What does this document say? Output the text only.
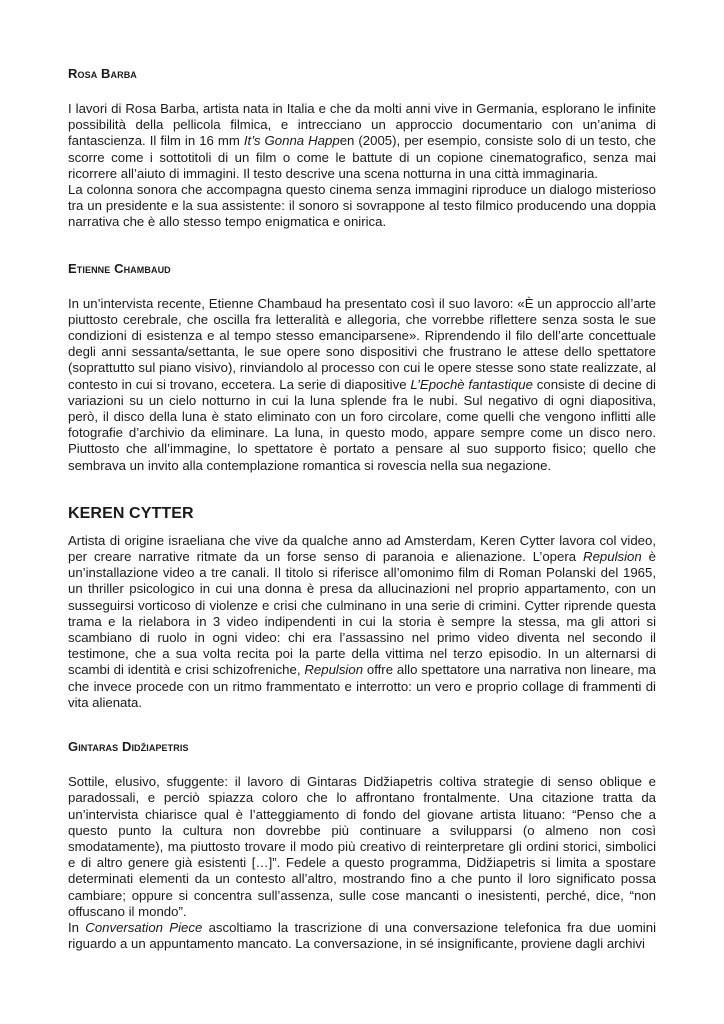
Rosa Barba

I lavori di Rosa Barba, artista nata in Italia e che da molti anni vive in Germania, esplorano le infinite possibilità della pellicola filmica, e intrecciano un approccio documentario con un’anima di fantascienza. Il film in 16 mm It’s Gonna Happen (2005), per esempio, consiste solo di un testo, che scorre come i sottotitoli di un film o come le battute di un copione cinematografico, senza mai ricorrere all’aiuto di immagini. Il testo descrive una scena notturna in una città immaginaria.

La colonna sonora che accompagna questo cinema senza immagini riproduce un dialogo misterioso tra un presidente e la sua assistente: il sonoro si sovrappone al testo filmico producendo una doppia narrativa che è allo stesso tempo enigmatica e onirica.

Etienne Chambaud

In un’intervista recente, Etienne Chambaud ha presentato così il suo lavoro: «È un approccio all’arte piuttosto cerebrale, che oscilla fra letteralità e allegoria, che vorrebbe riflettere senza sosta le sue condizioni di esistenza e al tempo stesso emanciparsene». Riprendendo il filo dell’arte concettuale degli anni sessanta/settanta, le sue opere sono dispositivi che frustrano le attese dello spettatore (soprattutto sul piano visivo), rinviandolo al processo con cui le opere stesse sono state realizzate, al contesto in cui si trovano, eccetera. La serie di diapositive L’Epochè fantastique consiste di decine di variazioni su un cielo notturno in cui la luna splende fra le nubi. Sul negativo di ogni diapositiva, però, il disco della luna è stato eliminato con un foro circolare, come quelli che vengono inflitti alle fotografie d’archivio da eliminare. La luna, in questo modo, appare sempre come un disco nero. Piuttosto che all’immagine, lo spettatore è portato a pensare al suo supporto fisico; quello che sembrava un invito alla contemplazione romantica si rovescia nella sua negazione.

KEREN CYTTER

Artista di origine israeliana che vive da qualche anno ad Amsterdam, Keren Cytter lavora col video, per creare narrative ritmate da un forse senso di paranoia e alienazione. L’opera Repulsion è un’installazione video a tre canali. Il titolo si riferisce all’omonimo film di Roman Polanski del 1965, un thriller psicologico in cui una donna è presa da allucinazioni nel proprio appartamento, con un susseguirsi vorticoso di violenze e crisi che culminano in una serie di crimini. Cytter riprende questa trama e la rielabora in 3 video indipendenti in cui la storia è sempre la stessa, ma gli attori si scambiano di ruolo in ogni video: chi era l’assassino nel primo video diventa nel secondo il testimone, che a sua volta recita poi la parte della vittima nel terzo episodio. In un alternarsi di scambi di identità e crisi schizofreniche, Repulsion offre allo spettatore una narrativa non lineare, ma che invece procede con un ritmo frammentato e interrotto: un vero e proprio collage di frammenti di vita alienata.

Gintaras Didžiapetris

Sottile, elusivo, sfuggente: il lavoro di Gintaras Didžiapetris coltiva strategie di senso oblique e paradossali, e perciò spiazza coloro che lo affrontano frontalmente. Una citazione tratta da un’intervista chiarisce qual è l’atteggiamento di fondo del giovane artista lituano: “Penso che a questo punto la cultura non dovrebbe più continuare a svilupparsi (o almeno non così smodatamente), ma piuttosto trovare il modo più creativo di reinterpretare gli ordini storici, simbolici e di altro genere già esistenti […]”. Fedele a questo programma, Didžiapetris si limita a spostare determinati elementi da un contesto all’altro, mostrando fino a che punto il loro significato possa cambiare; oppure si concentra sull’assenza, sulle cose mancanti o inesistenti, perché, dice, “non offuscano il mondo”.

In Conversation Piece ascoltiamo la trascrizione di una conversazione telefonica fra due uomini riguardo a un appuntamento mancato. La conversazione, in sé insignificante, proviene dagli archivi
